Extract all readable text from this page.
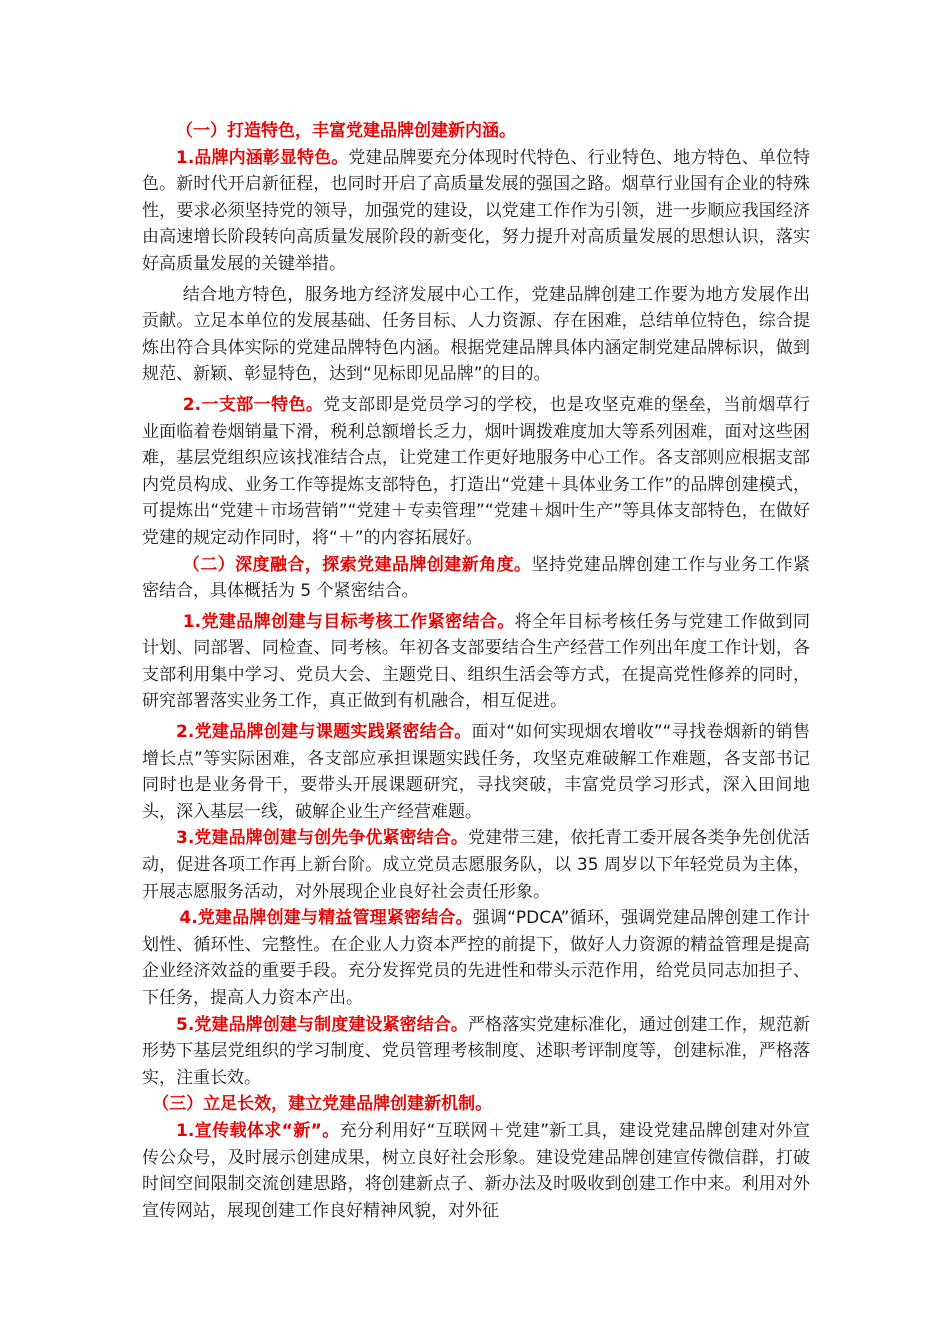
（一）打造特色，丰富党建品牌创建新内涵。

1.品牌内涵彰显特色。党建品牌要充分体现时代特色、行业特色、地方特色、单位特色。新时代开启新征程，也同时开启了高质量发展的强国之路。烟草行业国有企业的特殊性，要求必须坚持党的领导，加强党的建设，以党建工作作为引领，进一步顺应我国经济由高速增长阶段转向高质量发展阶段的新变化，努力提升对高质量发展的思想认识，落实好高质量发展的关键举措。

结合地方特色，服务地方经济发展中心工作，党建品牌创建工作要为地方发展作出贡献。立足本单位的发展基础、任务目标、人力资源、存在困难，总结单位特色，综合提炼出符合具体实际的党建品牌特色内涵。根据党建品牌具体内涵定制党建品牌标识，做到规范、新颖、彰显特色，达到“见标即见品牌”的目的。

2.一支部一特色。党支部即是党员学习的学校，也是攻坚克难的堡垒，当前烟草行业面临着卷烟销量下滑，税利总额增长乏力，烟叶调拨难度加大等系列困难，面对这些困难，基层党组织应该找准结合点，让党建工作更好地服务中心工作。各支部则应根据支部内党员构成、业务工作等提炼支部特色，打造出“党建＋具体业务工作”的品牌创建模式，可提炼出“党建＋市场营销”“党建＋专卖管理”“党建＋烟叶生产”等具体支部特色，在做好党建的规定动作同时，将“＋”的内容拓展好。

（二）深度融合，探索党建品牌创建新角度。坚持党建品牌创建工作与业务工作紧密结合，具体概括为 5 个紧密结合。

1.党建品牌创建与目标考核工作紧密结合。将全年目标考核任务与党建工作做到同计划、同部署、同检查、同考核。年初各支部要结合生产经营工作列出年度工作计划，各支部利用集中学习、党员大会、主题党日、组织生活会等方式，在提高党性修养的同时，研究部署落实业务工作，真正做到有机融合，相互促进。

2.党建品牌创建与课题实践紧密结合。面对“如何实现烟农增收”“寻找卷烟新的销售增长点”等实际困难，各支部应承担课题实践任务，攻坚克难破解工作难题，各支部书记同时也是业务骨干，要带头开展课题研究，寻找突破，丰富党员学习形式，深入田间地头，深入基层一线，破解企业生产经营难题。

3.党建品牌创建与创先争优紧密结合。党建带三建，依托青工委开展各类争先创优活动，促进各项工作再上新台阶。成立党员志愿服务队，以 35 周岁以下年轻党员为主体，开展志愿服务活动，对外展现企业良好社会责任形象。

4.党建品牌创建与精益管理紧密结合。强调“PDCA”循环，强调党建品牌创建工作计划性、循环性、完整性。在企业人力资本严控的前提下，做好人力资源的精益管理是提高企业经济效益的重要手段。充分发挥党员的先进性和带头示范作用，给党员同志加担子、下任务，提高人力资本产出。

5.党建品牌创建与制度建设紧密结合。严格落实党建标准化，通过创建工作，规范新形势下基层党组织的学习制度、党员管理考核制度、述职考评制度等，创建标准，严格落实，注重长效。

（三）立足长效，建立党建品牌创建新机制。

1.宣传载体求“新”。充分利用好“互联网＋党建”新工具，建设党建品牌创建对外宣传公众号，及时展示创建成果，树立良好社会形象。建设党建品牌创建宣传微信群，打破时间空间限制交流创建思路，将创建新点子、新办法及时吸收到创建工作中来。利用对外宣传网站，展现创建工作良好精神风貌，对外征
